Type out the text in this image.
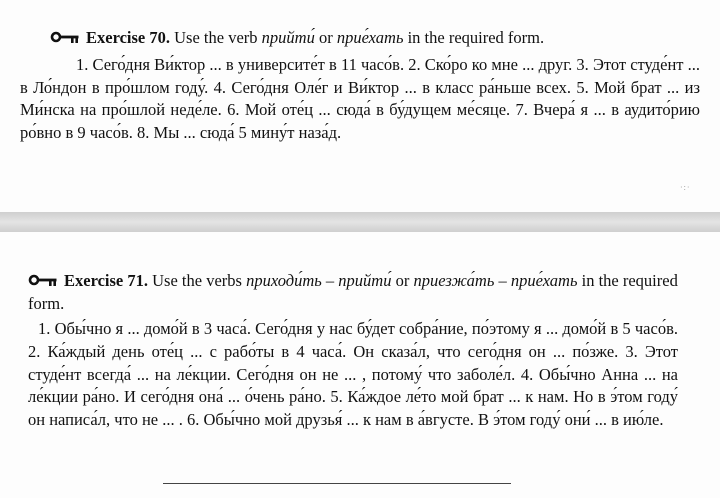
Exercise 70. Use the verb прийти́ or прие́хать in the required form.
1. Сего́дня Ви́ктор ... в университе́т в 11 часо́в. 2. Ско́ро ко мне ... друг. 3. Этот студе́нт ... в Ло́ндон в про́шлом году́. 4. Сего́дня Оле́г и Ви́ктор ... в класс ра́ньше всех. 5. Мой брат ... из Ми́нска на про́шлой неде́ле. 6. Мой оте́ц ... сюда́ в бу́дущем ме́сяце. 7. Вчера́ я ... в аудито́рию ро́вно в 9 часо́в. 8. Мы ... сюда́ 5 мину́т наза́д.
·:·
Exercise 71. Use the verbs приходи́ть – прийти́ or приезжа́ть – прие́хать in the required form.
1. Обы́чно я ... домо́й в 3 часа́. Сего́дня у нас бу́дет собра́ние, по́этому я ... домо́й в 5 часо́в. 2. Ка́ждый день оте́ц ... с рабо́ты в 4 часа́. Он сказа́л, что сего́дня он ... по́зже. 3. Этот студе́нт всегда́ ... на ле́кции. Сего́дня он не ... , потому́ что заболе́л. 4. Обы́чно Анна ... на ле́кции ра́но. И сего́дня она́ ... о́чень ра́но. 5. Ка́ждое ле́то мой брат ... к нам. Но в э́том году́ он написа́л, что не ... . 6. Обы́чно мой друзья́ ... к нам в а́вгусте. В э́том году́ они́ ... в ию́ле.
